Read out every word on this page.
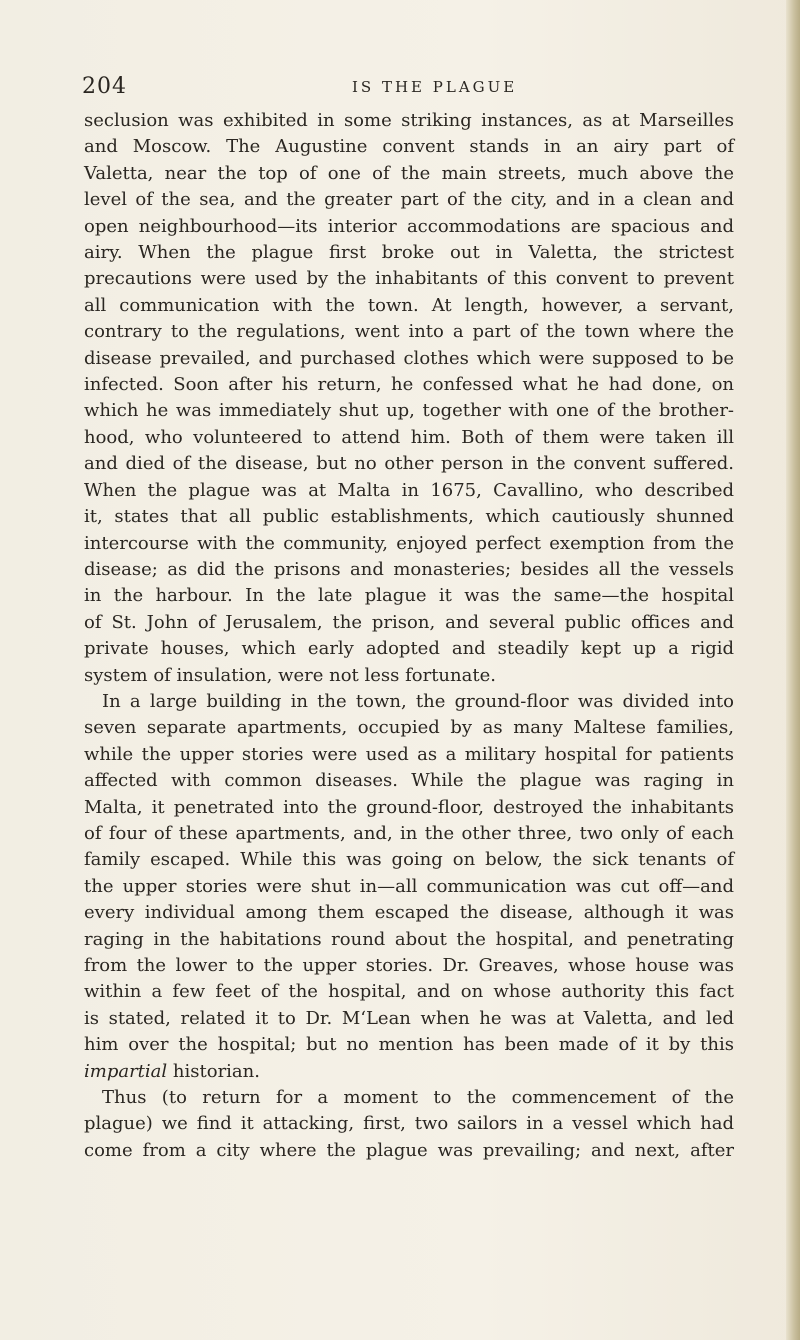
204	IS THE PLAGUE
seclusion was exhibited in some striking instances, as at Marseilles
and Moscow. The Augustine convent stands in an airy part of
Valetta, near the top of one of the main streets, much above the
level of the sea, and the greater part of the city, and in a clean and
open neighbourhood—its interior accommodations are spacious and
airy. When the plague first broke out in Valetta, the strictest
precautions were used by the inhabitants of this convent to prevent
all communication with the town. At length, however, a servant,
contrary to the regulations, went into a part of the town where the
disease prevailed, and purchased clothes which were supposed to be
infected. Soon after his return, he confessed what he had done, on
which he was immediately shut up, together with one of the brother-
hood, who volunteered to attend him. Both of them were taken ill
and died of the disease, but no other person in the convent suffered.
When the plague was at Malta in 1675, Cavallino, who described
it, states that all public establishments, which cautiously shunned
intercourse with the community, enjoyed perfect exemption from the
disease; as did the prisons and monasteries; besides all the vessels
in the harbour. In the late plague it was the same—the hospital
of St. John of Jerusalem, the prison, and several public offices and
private houses, which early adopted and steadily kept up a rigid
system of insulation, were not less fortunate.
In a large building in the town, the ground-floor was divided into
seven separate apartments, occupied by as many Maltese families,
while the upper stories were used as a military hospital for patients
affected with common diseases. While the plague was raging in
Malta, it penetrated into the ground-floor, destroyed the inhabitants
of four of these apartments, and, in the other three, two only of each
family escaped. While this was going on below, the sick tenants of
the upper stories were shut in—all communication was cut off—and
every individual among them escaped the disease, although it was
raging in the habitations round about the hospital, and penetrating
from the lower to the upper stories. Dr. Greaves, whose house was
within a few feet of the hospital, and on whose authority this fact
is stated, related it to Dr. M‘Lean when he was at Valetta, and led
him over the hospital; but no mention has been made of it by this
impartial historian.
Thus (to return for a moment to the commencement of the
plague) we find it attacking, first, two sailors in a vessel which had
come from a city where the plague was prevailing; and next, after
